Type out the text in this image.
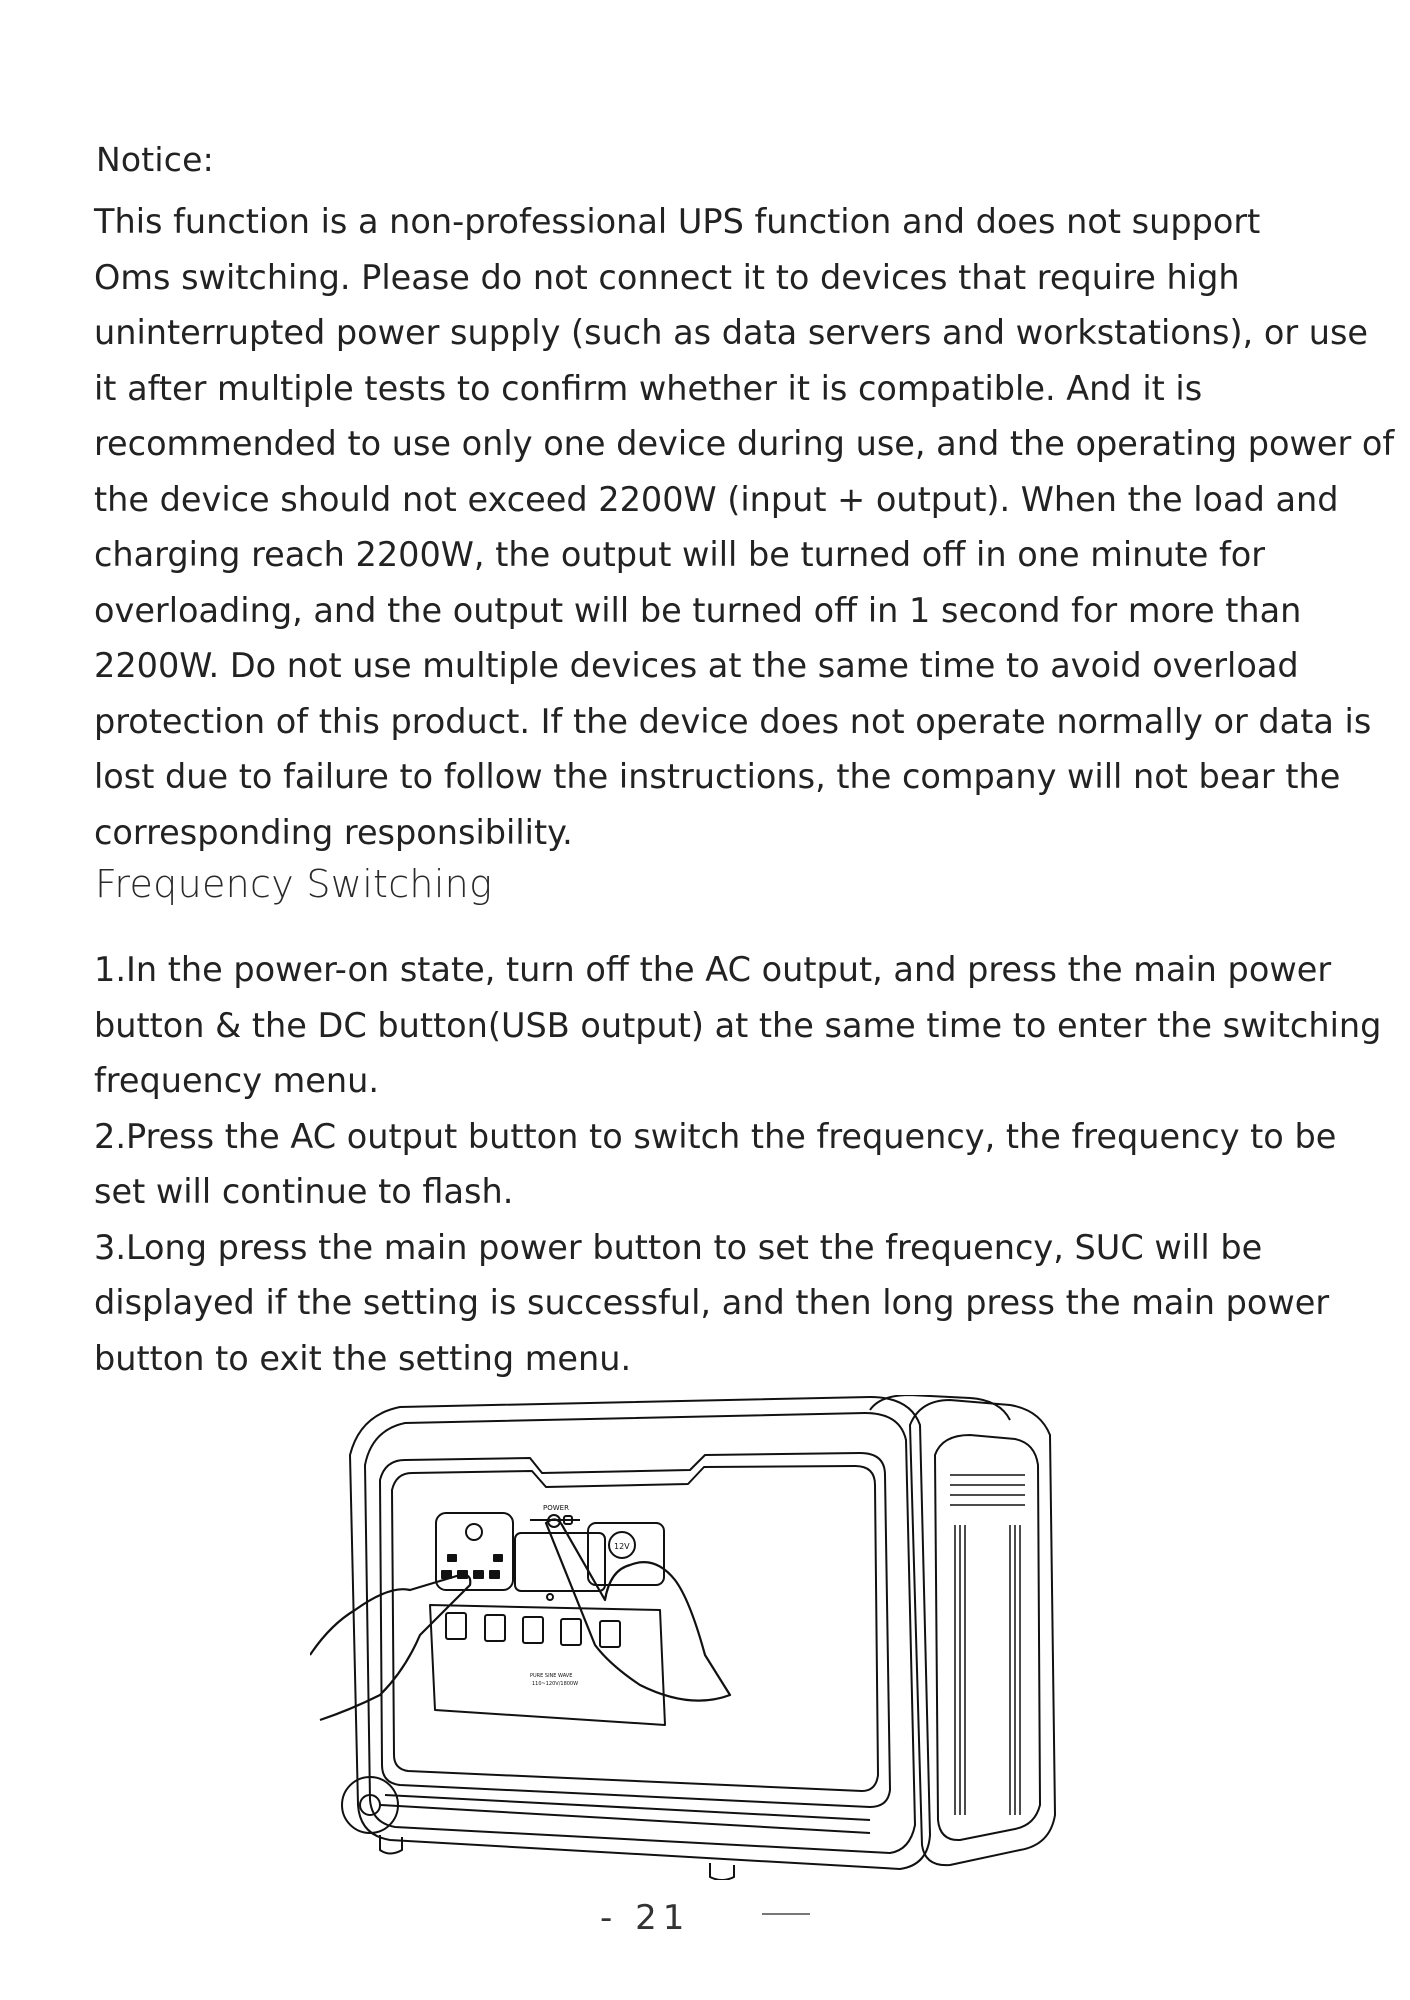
Notice:
This function is a non-professional UPS function and does not support
Oms switching. Please do not connect it to devices that require high
uninterrupted power supply (such as data servers and workstations), or use
it after multiple tests to confirm whether it is compatible. And it is
recommended to use only one device during use, and the operating power of
the device should not exceed 2200W (input + output). When the load and
charging reach 2200W, the output will be turned off in one minute for
overloading, and the output will be turned off in 1 second for more than
2200W. Do not use multiple devices at the same time to avoid overload
protection of this product. If the device does not operate normally or data is
lost due to failure to follow the instructions, the company will not bear the
corresponding responsibility.
Frequency Switching
1.In the power-on state, turn off the AC output, and press the main power
button & the DC button(USB output) at the same time to enter the switching
frequency menu.
2.Press the AC output button to switch the frequency, the frequency to be
set will continue to flash.
3.Long press the main power button to set the frequency, SUC will be
displayed if the setting is successful, and then long press the main power
button to exit the setting menu.
POWER
12V
PURE SINE WAVE
110~120V/1800W
- 21
